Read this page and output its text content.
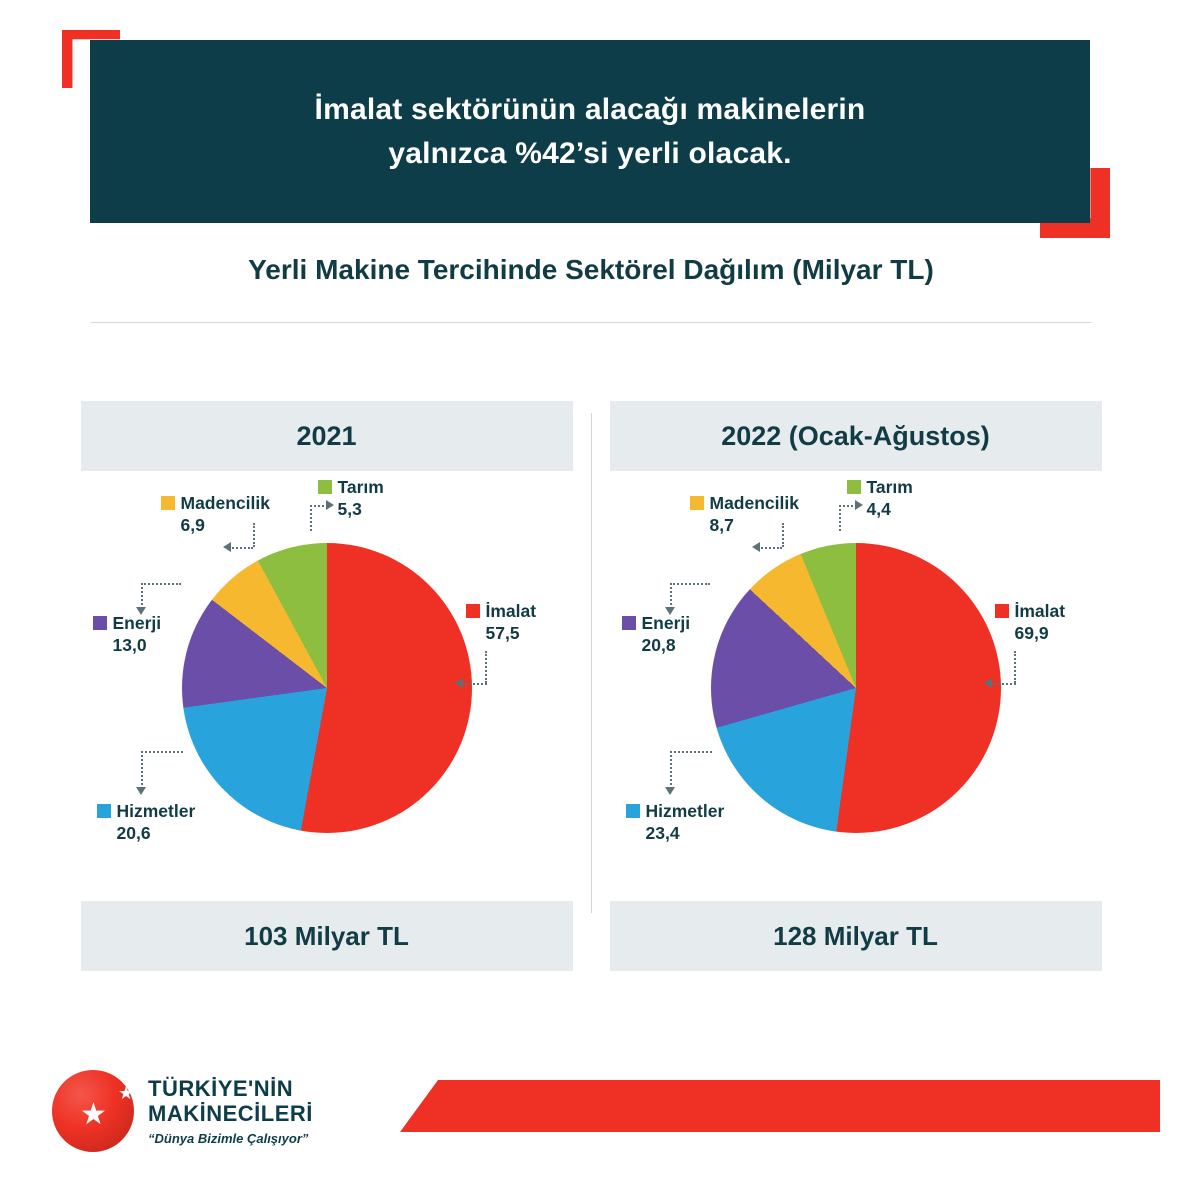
İmalat sektörünün alacağı makinelerin
yalnızca %42’si yerli olacak.
Yerli Makine Tercihinde Sektörel Dağılım (Milyar TL)
2021
Tarım
5,3
Madencilik
6,9
İmalat
57,5
Enerji
13,0
Hizmetler
20,6
103 Milyar TL
2022 (Ocak-Ağustos)
Tarım
4,4
Madencilik
8,7
İmalat
69,9
Enerji
20,8
Hizmetler
23,4
128 Milyar TL
★
★ TÜRKİYE'NİN
MAKİNECİLERİ
“Dünya Bizimle Çalışıyor”
